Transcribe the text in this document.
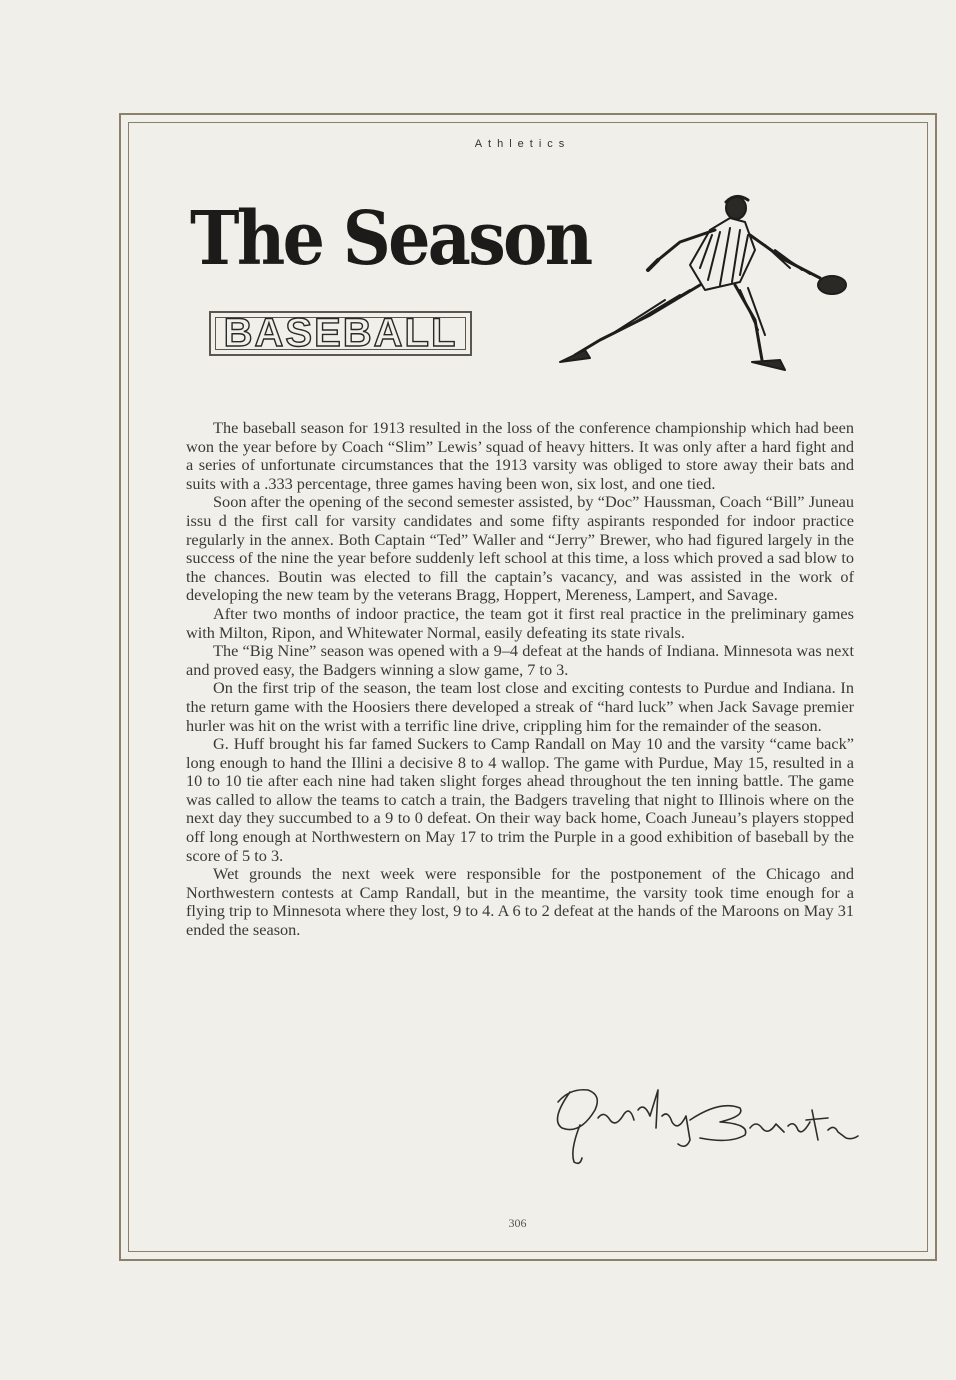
Athletics
The Season
BASEBALL

The baseball season for 1913 resulted in the loss of the conference championship which had been won the year before by Coach “Slim” Lewis’ squad of heavy hitters. It was only after a hard fight and a series of unfortunate circumstances that the 1913 varsity was obliged to store away their bats and suits with a .333 percentage, three games having been won, six lost, and one tied.

Soon after the opening of the second semester assisted, by “Doc” Haussman, Coach “Bill” Juneau issu d the first call for varsity candidates and some fifty aspirants responded for indoor practice regularly in the annex. Both Captain “Ted” Waller and “Jerry” Brewer, who had figured largely in the success of the nine the year before suddenly left school at this time, a loss which proved a sad blow to the chances. Boutin was elected to fill the captain’s vacancy, and was assisted in the work of developing the new team by the veterans Bragg, Hoppert, Mereness, Lampert, and Savage.

After two months of indoor practice, the team got it first real practice in the preliminary games with Milton, Ripon, and Whitewater Normal, easily defeating its state rivals.

The “Big Nine” season was opened with a 9–4 defeat at the hands of Indiana. Minnesota was next and proved easy, the Badgers winning a slow game, 7 to 3.

On the first trip of the season, the team lost close and exciting contests to Purdue and Indiana. In the return game with the Hoosiers there developed a streak of “hard luck” when Jack Savage premier hurler was hit on the wrist with a terrific line drive, crippling him for the remainder of the season.

G. Huff brought his far famed Suckers to Camp Randall on May 10 and the varsity “came back” long enough to hand the Illini a decisive 8 to 4 wallop. The game with Purdue, May 15, resulted in a 10 to 10 tie after each nine had taken slight forges ahead throughout the ten inning battle. The game was called to allow the teams to catch a train, the Badgers traveling that night to Illinois where on the next day they succumbed to a 9 to 0 defeat. On their way back home, Coach Juneau’s players stopped off long enough at Northwestern on May 17 to trim the Purple in a good exhibition of baseball by the score of 5 to 3.

Wet grounds the next week were responsible for the postponement of the Chicago and Northwestern contests at Camp Randall, but in the meantime, the varsity took time enough for a flying trip to Minnesota where they lost, 9 to 4. A 6 to 2 defeat at the hands of the Maroons on May 31 ended the season.

306
